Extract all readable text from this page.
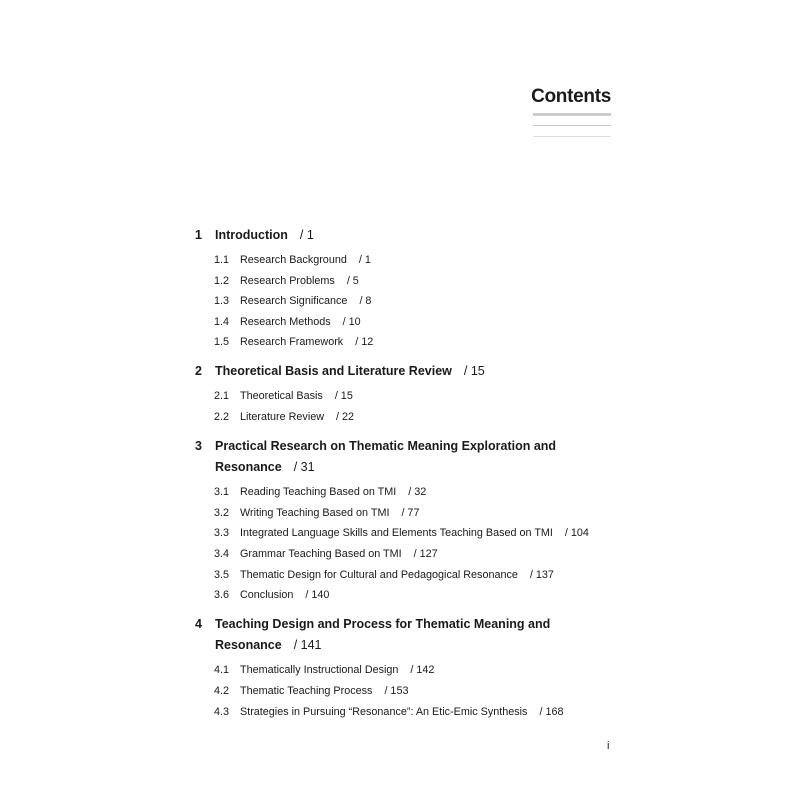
Contents
1 Introduction / 1
1.1 Research Background / 1
1.2 Research Problems / 5
1.3 Research Significance / 8
1.4 Research Methods / 10
1.5 Research Framework / 12
2 Theoretical Basis and Literature Review / 15
2.1 Theoretical Basis / 15
2.2 Literature Review / 22
3 Practical Research on Thematic Meaning Exploration and
Resonance / 31
3.1 Reading Teaching Based on TMI / 32
3.2 Writing Teaching Based on TMI / 77
3.3 Integrated Language Skills and Elements Teaching Based on TMI / 104
3.4 Grammar Teaching Based on TMI / 127
3.5 Thematic Design for Cultural and Pedagogical Resonance / 137
3.6 Conclusion / 140
4 Teaching Design and Process for Thematic Meaning and
Resonance / 141
4.1 Thematically Instructional Design / 142
4.2 Thematic Teaching Process / 153
4.3 Strategies in Pursuing “Resonance”: An Etic-Emic Synthesis / 168
i
